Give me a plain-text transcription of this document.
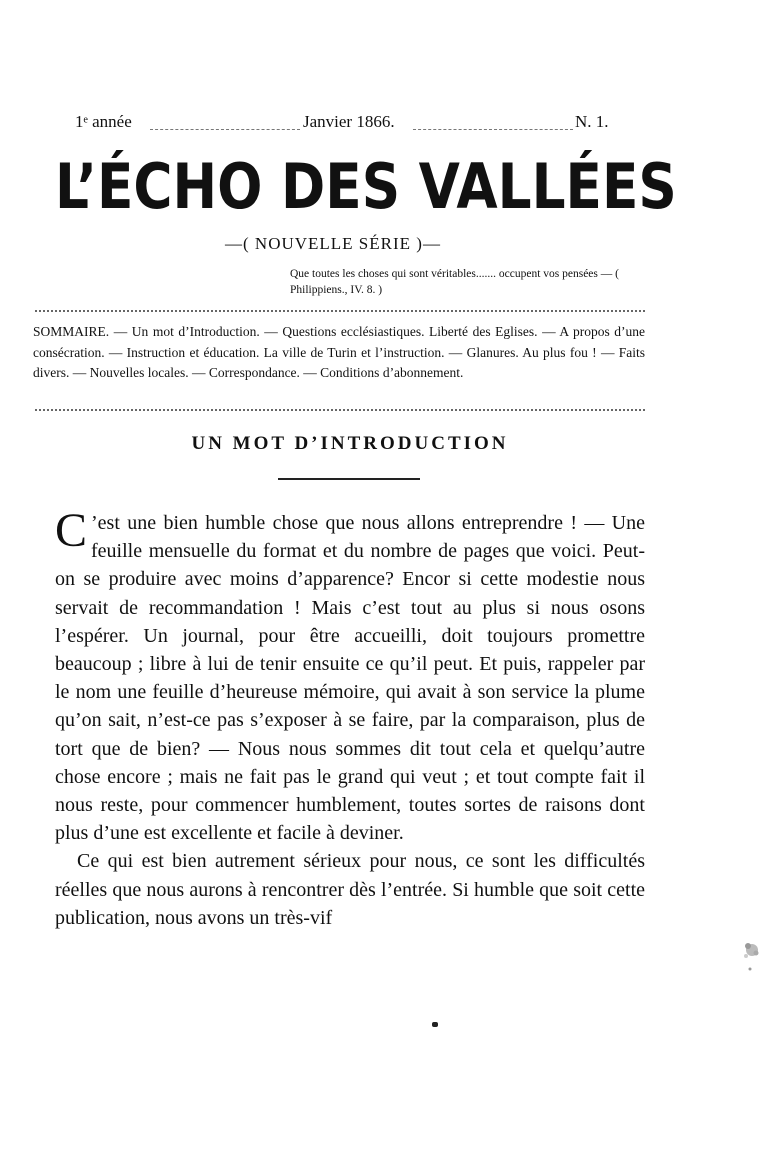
1ᵉ année	Janvier 1866.	N. 1.
L’ÉCHO DES VALLÉES
—( NOUVELLE SÉRIE )—
Que toutes les choses qui sont véritables....... occupent vos pensées — ( Philippiens., IV. 8. )
SOMMAIRE. — Un mot d’Introduction. — Questions ecclésiastiques. Liberté des Eglises. — A propos d’une consécration. — Instruction et éducation. La ville de Turin et l’instruction. — Glanures. Au plus fou ! — Faits divers. — Nouvelles locales. — Correspondance. — Conditions d’abonnement.
UN MOT D’INTRODUCTION

C ’est une bien humble chose que nous allons entreprendre ! — Une feuille mensuelle du format et du nombre de pages que voici. Peut-on se produire avec moins d’apparence? Encor si cette modestie nous servait de recommandation ! Mais c’est tout au plus si nous osons l’espérer. Un journal, pour être accueilli, doit toujours promettre beaucoup ; libre à lui de tenir ensuite ce qu’il peut. Et puis, rappeler par le nom une feuille d’heureuse mémoire, qui avait à son service la plume qu’on sait, n’est-ce pas s’exposer à se faire, par la comparaison, plus de tort que de bien? — Nous nous sommes dit tout cela et quelqu’autre chose encore ; mais ne fait pas le grand qui veut ; et tout compte fait il nous reste, pour commencer humblement, toutes sortes de raisons dont plus d’une est excellente et facile à deviner.

Ce qui est bien autrement sérieux pour nous, ce sont les difficultés réelles que nous aurons à rencontrer dès l’entrée. Si humble que soit cette publication, nous avons un très-vif
